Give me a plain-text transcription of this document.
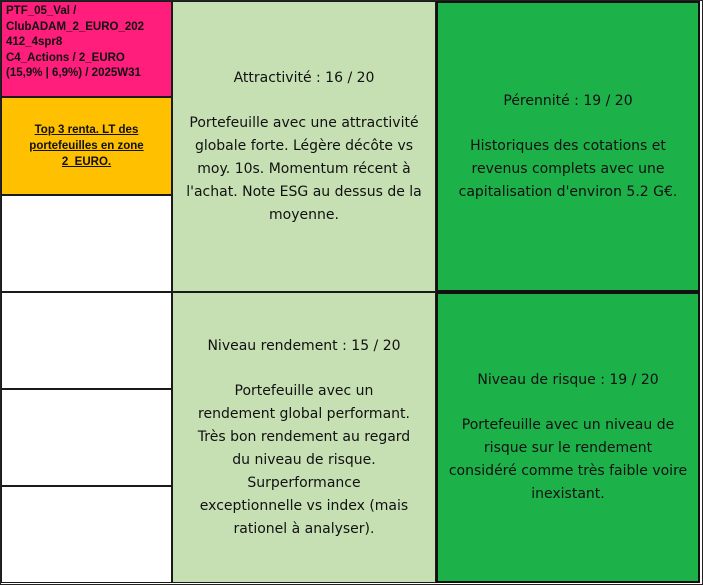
PTF_05_Val /
ClubADAM_2_EURO_202
412_4spr8
C4_Actions / 2_EURO
(15,9% | 6,9%) / 2025W31
Top 3 renta. LT des portefeuilles en zone 2_EURO.
Attractivité : 16 / 20
Portefeuille avec une attractivité globale forte. Légère décôte vs moy. 10s. Momentum récent à l'achat. Note ESG au dessus de la moyenne.
Pérennité : 19 / 20
Historiques des cotations et revenus complets avec une capitalisation d'environ 5.2 G€.
Niveau rendement : 15 / 20
Portefeuille avec un rendement global performant. Très bon rendement au regard du niveau de risque. Surperformance exceptionnelle vs index (mais rationel à analyser).
Niveau de risque : 19 / 20
Portefeuille avec un niveau de risque sur le rendement considéré comme très faible voire inexistant.
